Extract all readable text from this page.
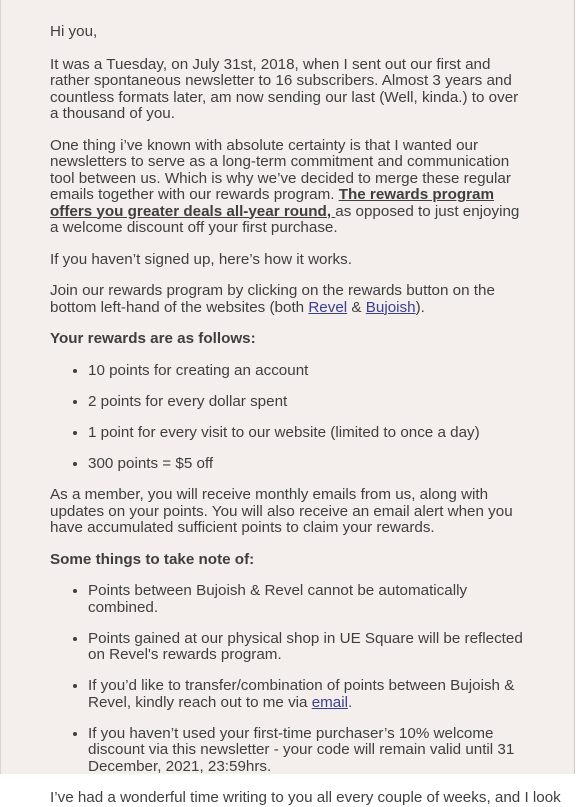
Hi you,

It was a Tuesday, on July 31st, 2018, when I sent out our first and rather spontaneous newsletter to 16 subscribers. Almost 3 years and countless formats later, am now sending our last (Well, kinda.) to over a thousand of you.

One thing i’ve known with absolute certainty is that I wanted our newsletters to serve as a long-term commitment and communication tool between us. Which is why we’ve decided to merge these regular emails together with our rewards program. The rewards program offers you greater deals all-year round, as opposed to just enjoying a welcome discount off your first purchase.

If you haven’t signed up, here’s how it works.

Join our rewards program by clicking on the rewards button on the bottom left-hand of the websites (both Revel & Bujoish).

Your rewards are as follows:

• 10 points for creating an account
• 2 points for every dollar spent
• 1 point for every visit to our website (limited to once a day)
• 300 points = $5 off

As a member, you will receive monthly emails from us, along with updates on your points. You will also receive an email alert when you have accumulated sufficient points to claim your rewards.

Some things to take note of:

• Points between Bujoish & Revel cannot be automatically combined.
• Points gained at our physical shop in UE Square will be reflected on Revel's rewards program.
• If you’d like to transfer/combination of points between Bujoish & Revel, kindly reach out to me via email.
• If you haven’t used your first-time purchaser’s 10% welcome discount via this newsletter - your code will remain valid until 31 December, 2021, 23:59hrs.

I’ve had a wonderful time writing to you all every couple of weeks, and I look
